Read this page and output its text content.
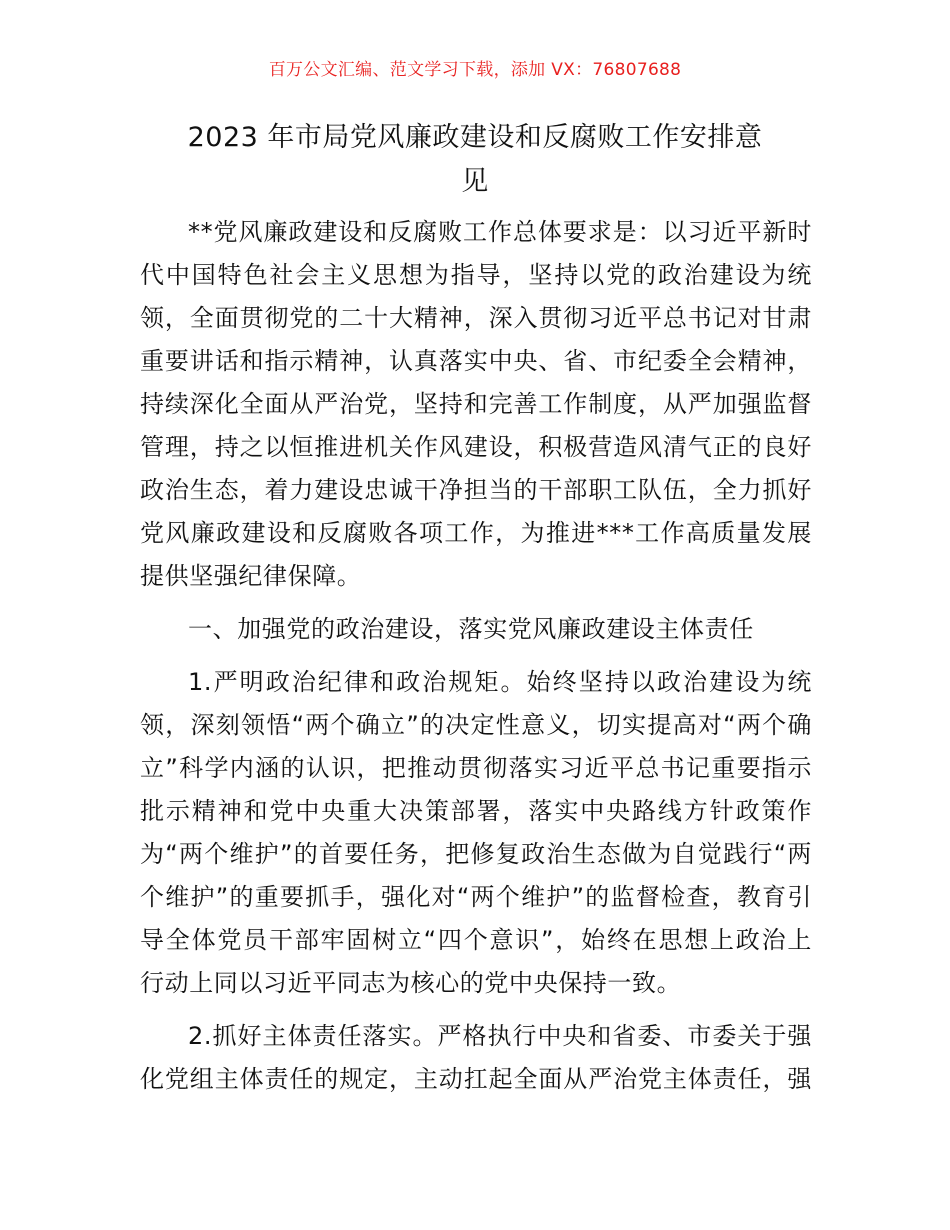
百万公文汇编、范文学习下载，添加 VX：76807688
2023 年市局党风廉政建设和反腐败工作安排意
见
**党风廉政建设和反腐败工作总体要求是：以习近平新时
代中国特色社会主义思想为指导，坚持以党的政治建设为统
领，全面贯彻党的二十大精神，深入贯彻习近平总书记对甘肃
重要讲话和指示精神，认真落实中央、省、市纪委全会精神，
持续深化全面从严治党，坚持和完善工作制度，从严加强监督
管理，持之以恒推进机关作风建设，积极营造风清气正的良好
政治生态，着力建设忠诚干净担当的干部职工队伍，全力抓好
党风廉政建设和反腐败各项工作，为推进***工作高质量发展
提供坚强纪律保障。
一、加强党的政治建设，落实党风廉政建设主体责任
1.严明政治纪律和政治规矩。始终坚持以政治建设为统
领，深刻领悟“两个确立”的决定性意义，切实提高对“两个确
立”科学内涵的认识，把推动贯彻落实习近平总书记重要指示
批示精神和党中央重大决策部署，落实中央路线方针政策作
为“两个维护”的首要任务，把修复政治生态做为自觉践行“两
个维护”的重要抓手，强化对“两个维护”的监督检查，教育引
导全体党员干部牢固树立“四个意识”，始终在思想上政治上
行动上同以习近平同志为核心的党中央保持一致。
2.抓好主体责任落实。严格执行中央和省委、市委关于强
化党组主体责任的规定，主动扛起全面从严治党主体责任，强
